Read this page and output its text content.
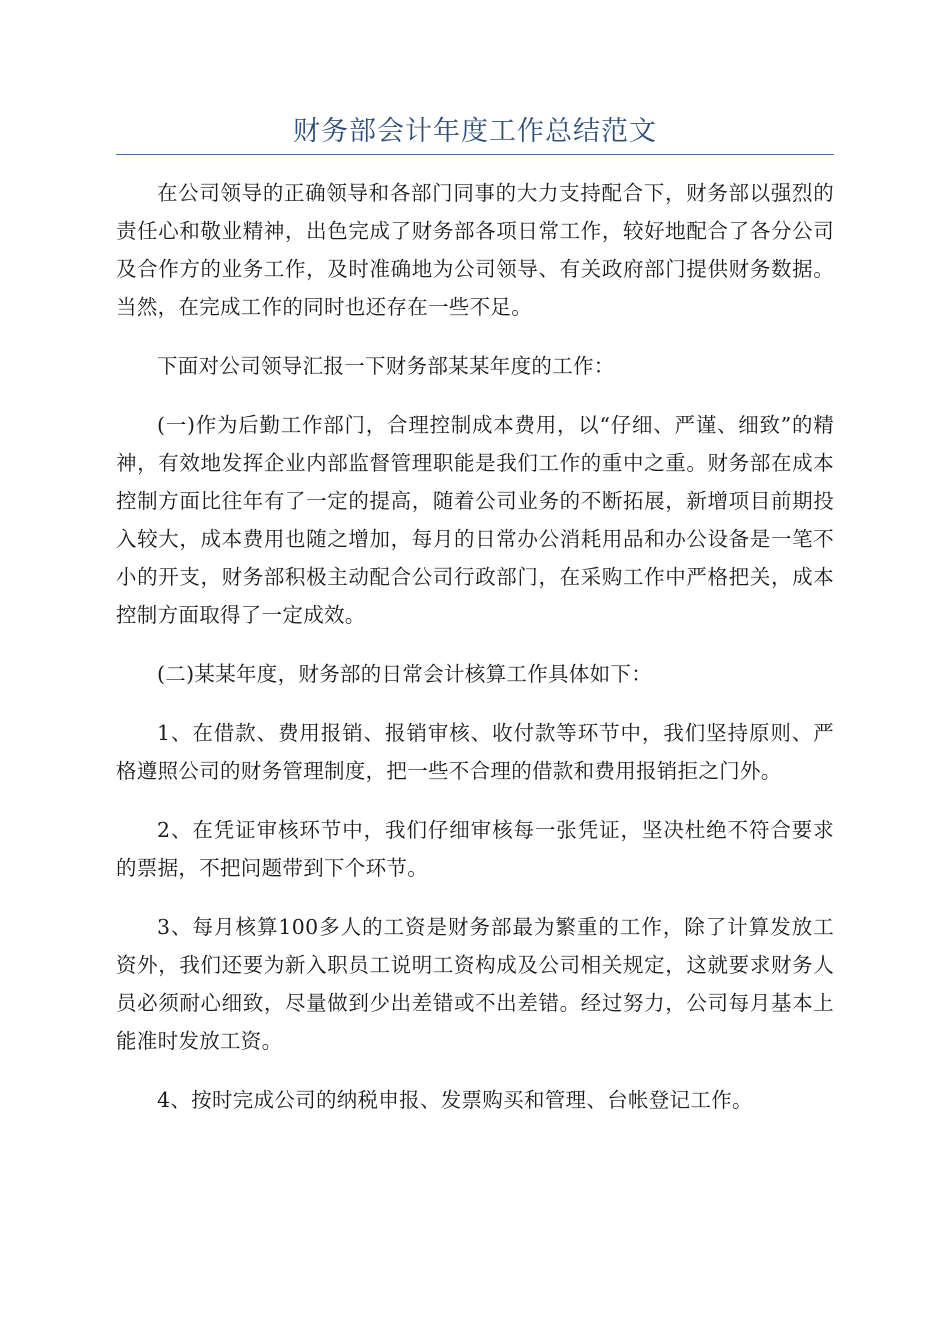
财务部会计年度工作总结范文

在公司领导的正确领导和各部门同事的大力支持配合下，财务部以强烈的责任心和敬业精神，出色完成了财务部各项日常工作，较好地配合了各分公司及合作方的业务工作，及时准确地为公司领导、有关政府部门提供财务数据。当然，在完成工作的同时也还存在一些不足。

下面对公司领导汇报一下财务部某某年度的工作：

(一)作为后勤工作部门，合理控制成本费用，以“仔细、严谨、细致”的精神，有效地发挥企业内部监督管理职能是我们工作的重中之重。财务部在成本控制方面比往年有了一定的提高，随着公司业务的不断拓展，新增项目前期投入较大，成本费用也随之增加，每月的日常办公消耗用品和办公设备是一笔不小的开支，财务部积极主动配合公司行政部门，在采购工作中严格把关，成本控制方面取得了一定成效。

(二)某某年度，财务部的日常会计核算工作具体如下：

1、在借款、费用报销、报销审核、收付款等环节中，我们坚持原则、严格遵照公司的财务管理制度，把一些不合理的借款和费用报销拒之门外。

2、在凭证审核环节中，我们仔细审核每一张凭证，坚决杜绝不符合要求的票据，不把问题带到下个环节。

3、每月核算100多人的工资是财务部最为繁重的工作，除了计算发放工资外，我们还要为新入职员工说明工资构成及公司相关规定，这就要求财务人员必须耐心细致，尽量做到少出差错或不出差错。经过努力，公司每月基本上能准时发放工资。

4、按时完成公司的纳税申报、发票购买和管理、台帐登记工作。
